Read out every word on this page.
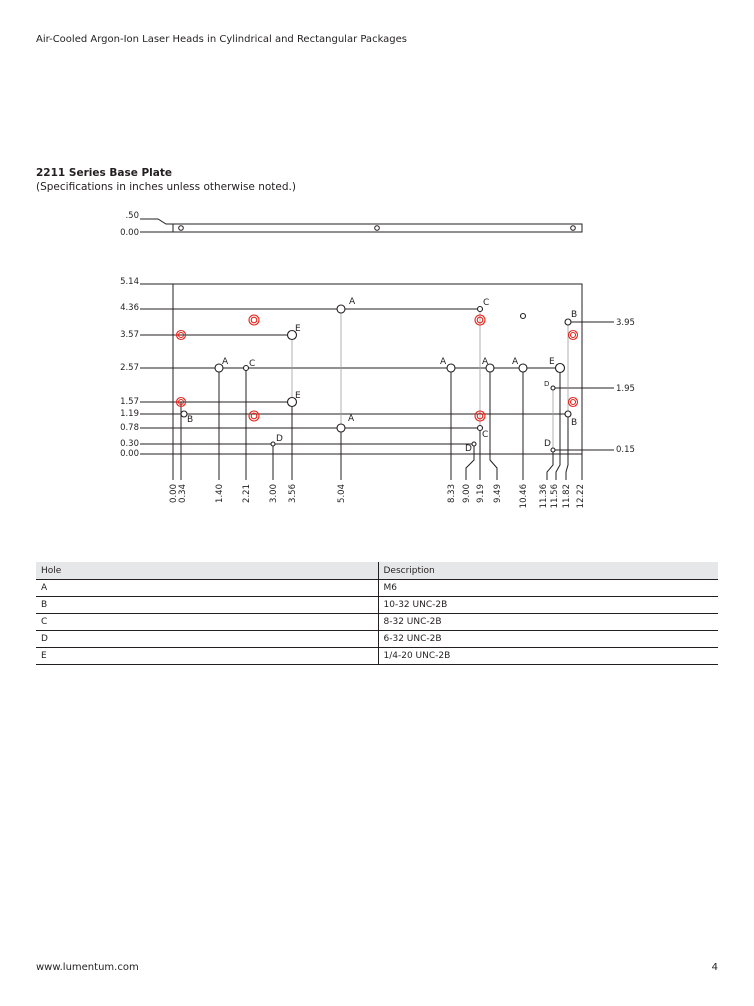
Air-Cooled Argon-Ion Laser Heads in Cylindrical and Rectangular Packages
2211 Series Base Plate
(Specifications in inches unless otherwise noted.)
.50
0.00
5.14
4.36
3.57
2.57
1.57
1.19
0.78
0.30
0.00
3.95
1.95
0.15
0.00 0.34	1.40 2.21 3.00 3.56	5.04	8.33 9.00 9.19 9.49 10.46 11.36 11.56 11.82 12.22
C
A
B
E
A C	A	A	A	E
D
E
B	A
C
B
D
D	D
Hole	Description
A	M6
B	10-32 UNC-2B
C	8-32 UNC-2B
D	6-32 UNC-2B
E	1/4-20 UNC-2B
www.lumentum.com	4
